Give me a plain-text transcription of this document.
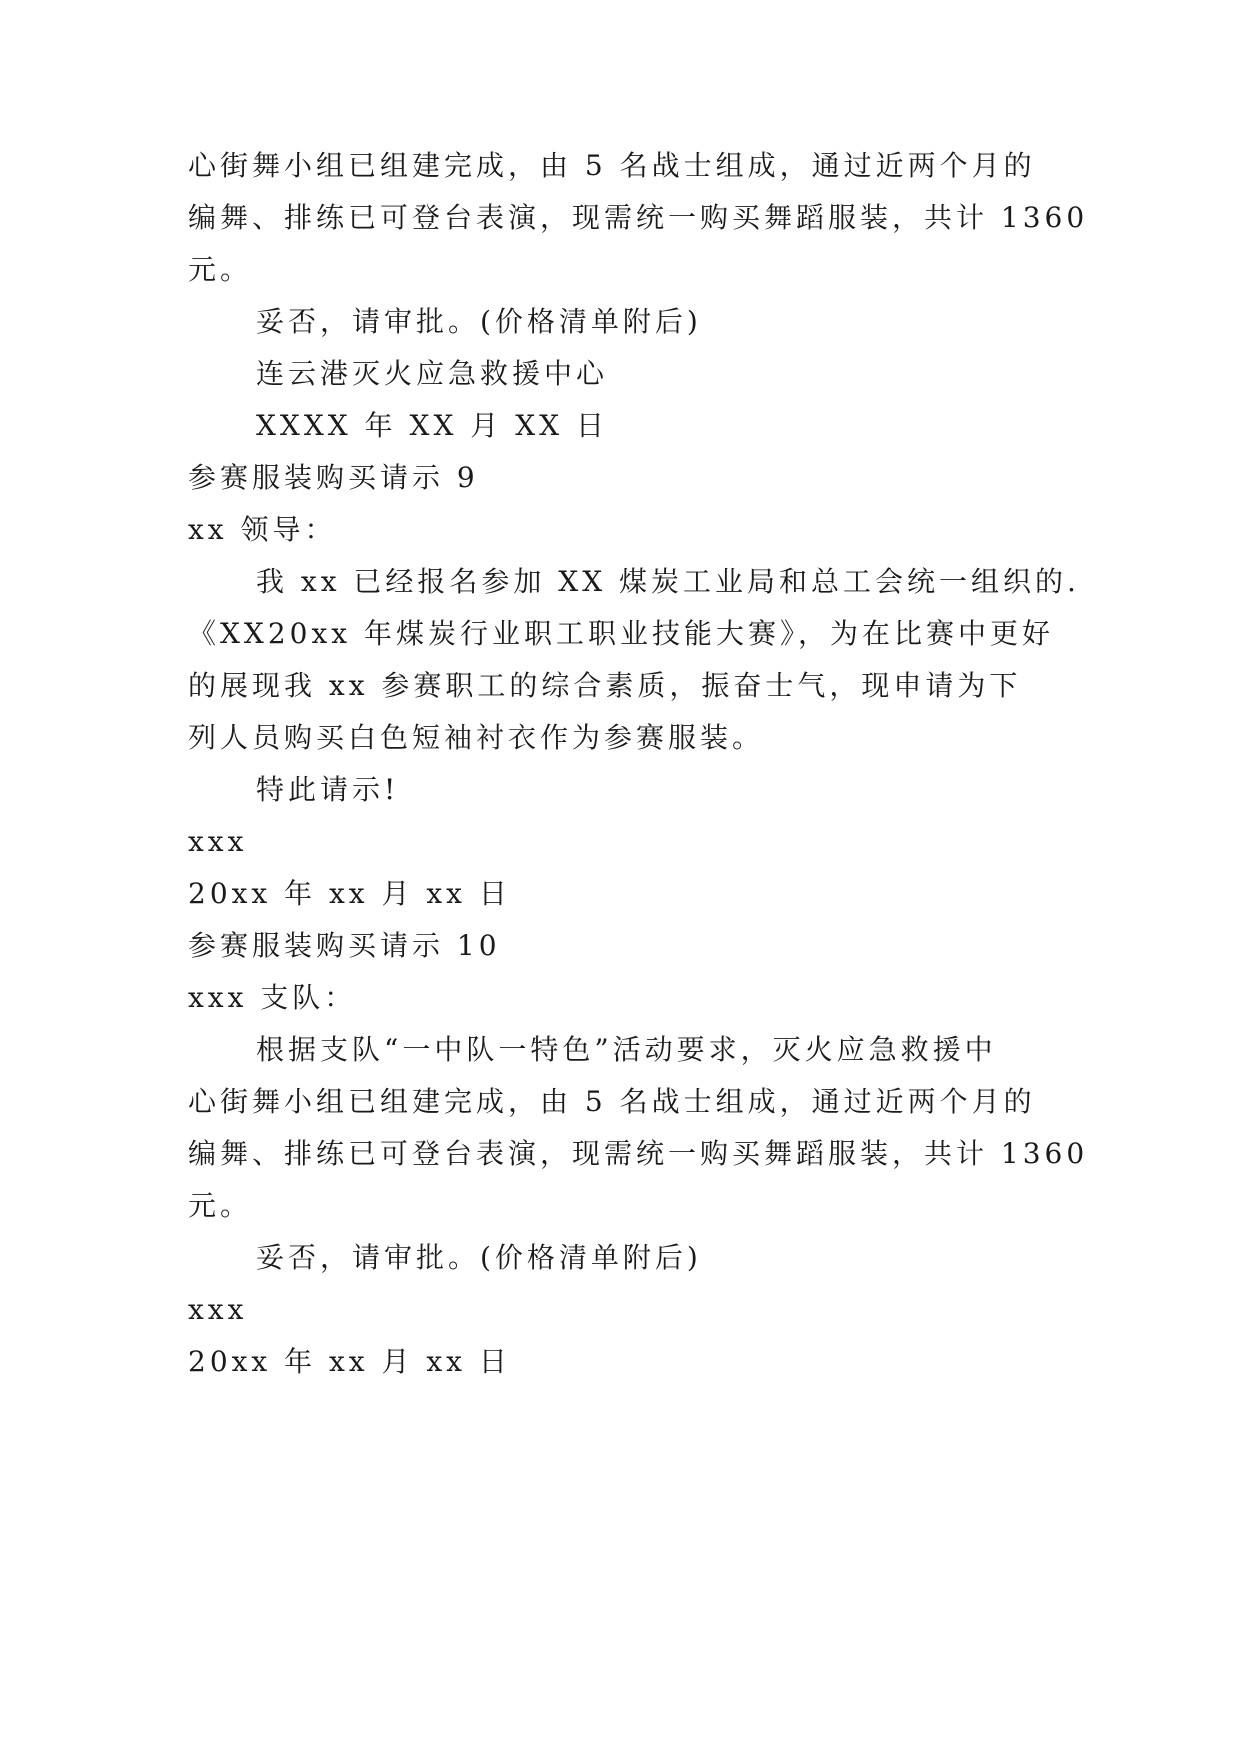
心街舞小组已组建完成，由 5 名战士组成，通过近两个月的
编舞、排练已可登台表演，现需统一购买舞蹈服装，共计 1360
元。
妥否，请审批。(价格清单附后)
连云港灭火应急救援中心
XXXX 年 XX 月 XX 日
参赛服装购买请示 9
xx 领导：
我 xx 已经报名参加 XX 煤炭工业局和总工会统一组织的.
《XX20xx 年煤炭行业职工职业技能大赛》，为在比赛中更好
的展现我 xx 参赛职工的综合素质，振奋士气，现申请为下
列人员购买白色短袖衬衣作为参赛服装。
特此请示!
xxx
20xx 年 xx 月 xx 日
参赛服装购买请示 10
xxx 支队：
根据支队“一中队一特色”活动要求，灭火应急救援中
心街舞小组已组建完成，由 5 名战士组成，通过近两个月的
编舞、排练已可登台表演，现需统一购买舞蹈服装，共计 1360
元。
妥否，请审批。(价格清单附后)
xxx
20xx 年 xx 月 xx 日
